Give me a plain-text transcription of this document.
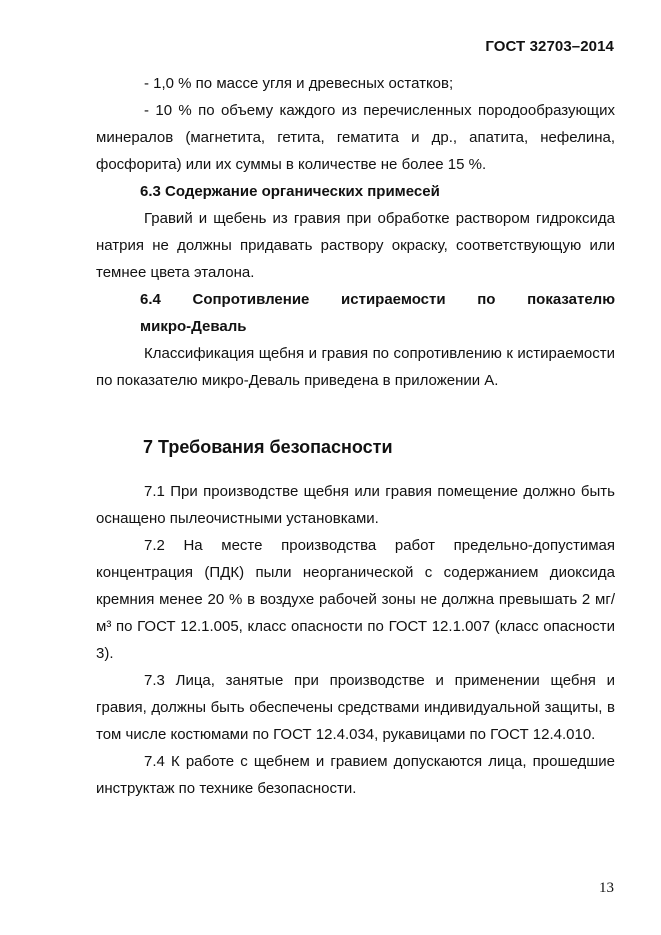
ГОСТ 32703–2014

- 1,0 % по массе угля и древесных остатков;

- 10 % по объему каждого из перечисленных породообразующих минералов (магнетита, гетита, гематита и др., апатита, нефелина, фосфорита) или их суммы в количестве не более 15 %.

6.3 Содержание органических примесей

Гравий и щебень из гравия при обработке раствором гидроксида натрия не должны придавать раствору окраску, соответствующую или темнее цвета эталона.

6.4 Сопротивление истираемости по показателю

микро-Деваль

Классификация щебня и гравия по сопротивлению к истираемости по показателю микро-Деваль приведена в приложении А.

7 Требования безопасности

7.1 При производстве щебня или гравия помещение должно быть оснащено пылеочистными установками.

7.2 На месте производства работ предельно-допустимая концентрация (ПДК) пыли неорганической с содержанием диоксида кремния менее 20 % в воздухе рабочей зоны не должна превышать 2 мг/м³ по ГОСТ 12.1.005, класс опасности по ГОСТ 12.1.007 (класс опасности 3).

7.3 Лица, занятые при производстве и применении щебня и гравия, должны быть обеспечены средствами индивидуальной защиты, в том числе костюмами по ГОСТ 12.4.034, рукавицами по ГОСТ 12.4.010.

7.4 К работе с щебнем и гравием допускаются лица, прошедшие инструктаж по технике безопасности.

13
